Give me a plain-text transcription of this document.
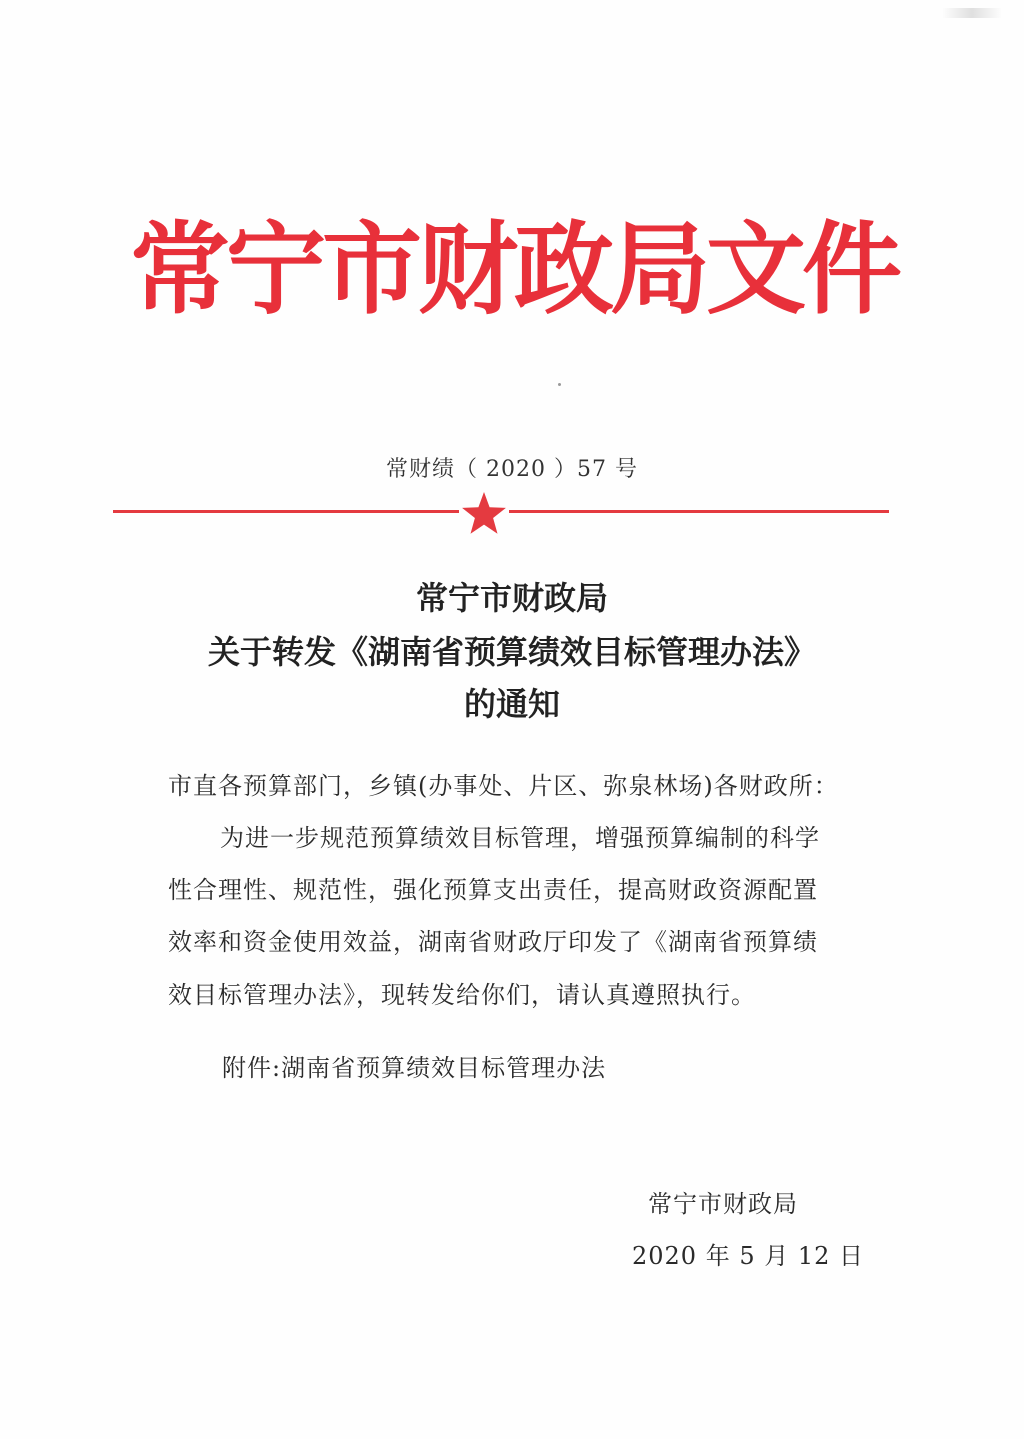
常宁市财政局文件
常财绩（ 2020 ）57 号
常宁市财政局
关于转发《湖南省预算绩效目标管理办法》
的通知
市直各预算部门，乡镇(办事处、片区、弥泉林场)各财政所：
为进一步规范预算绩效目标管理，增强预算编制的科学
性合理性、规范性，强化预算支出责任，提高财政资源配置
效率和资金使用效益，湖南省财政厅印发了《湖南省预算绩
效目标管理办法》，现转发给你们，请认真遵照执行。
附件:湖南省预算绩效目标管理办法
常宁市财政局
2020 年 5 月 12 日
